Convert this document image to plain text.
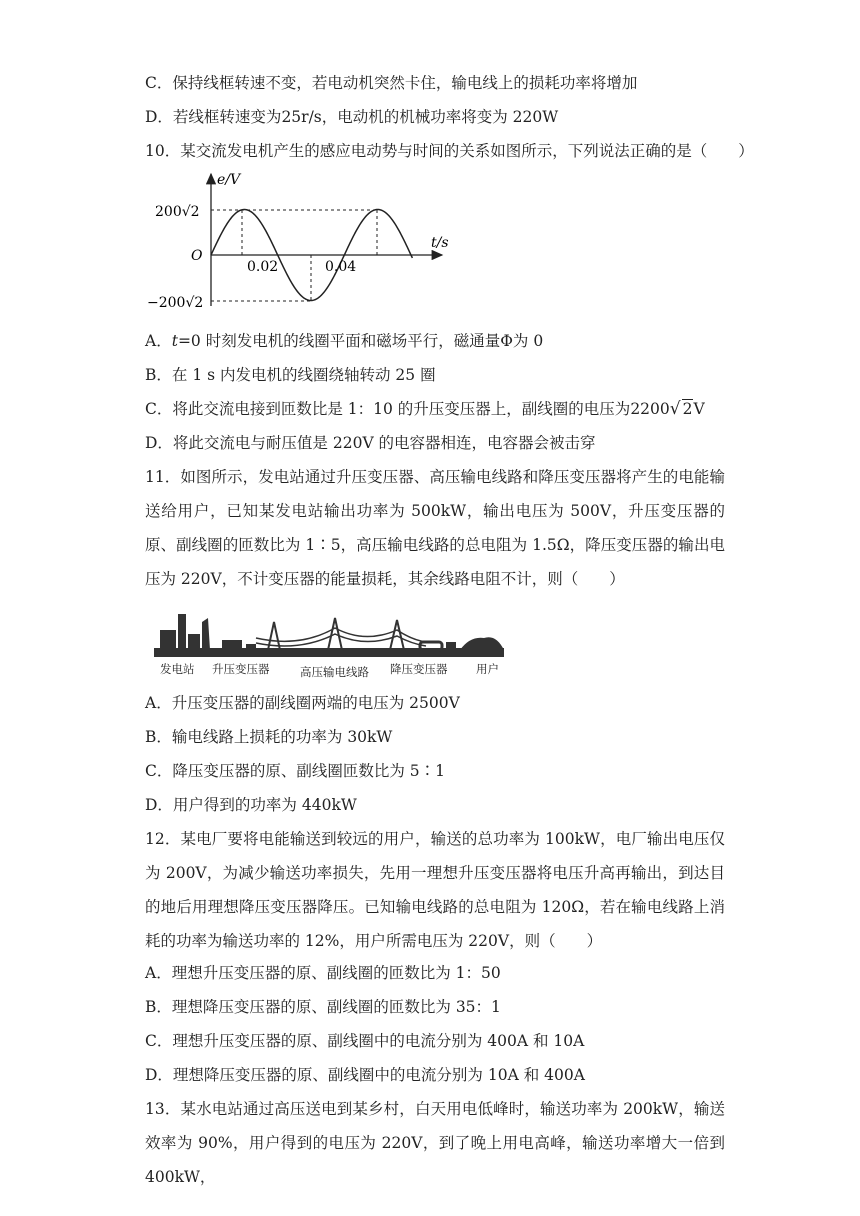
C．保持线框转速不变，若电动机突然卡住，输电线上的损耗功率将增加
D．若线框转速变为25r/s，电动机的机械功率将变为 220W
10．某交流发电机产生的感应电动势与时间的关系如图所示，下列说法正确的是（　　）
e/V
t/s
O
200√2
−200√2
0.02	0.04
A．t=0 时刻发电机的线圈平面和磁场平行，磁通量Φ为 0
B．在 1 s 内发电机的线圈绕轴转动 25 圈
C．将此交流电接到匝数比是 1：10 的升压变压器上，副线圈的电压为2200√ 2V
D．将此交流电与耐压值是 220V 的电容器相连，电容器会被击穿
11．如图所示，发电站通过升压变压器、高压输电线路和降压变压器将产生的电能输送给用户，已知某发电站输出功率为 500kW，输出电压为 500V，升压变压器的原、副线圈的匝数比为 1∶5，高压输电线路的总电阻为 1.5Ω，降压变压器的输出电压为 220V，不计变压器的能量损耗，其余线路电阻不计，则（　　）
发电站 升压变压器	高压输电线路 降压变压器 用户
A．升压变压器的副线圈两端的电压为 2500V
B．输电线路上损耗的功率为 30kW
C．降压变压器的原、副线圈匝数比为 5∶1
D．用户得到的功率为 440kW
12．某电厂要将电能输送到较远的用户，输送的总功率为 100kW，电厂输出电压仅为 200V，为减少输送功率损失，先用一理想升压变压器将电压升高再输出，到达目的地后用理想降压变压器降压。已知输电线路的总电阻为 120Ω，若在输电线路上消耗的功率为输送功率的 12%，用户所需电压为 220V，则（　　）
A．理想升压变压器的原、副线圈的匝数比为 1：50
B．理想降压变压器的原、副线圈的匝数比为 35：1
C．理想升压变压器的原、副线圈中的电流分别为 400A 和 10A
D．理想降压变压器的原、副线圈中的电流分别为 10A 和 400A
13．某水电站通过高压送电到某乡村，白天用电低峰时，输送功率为 200kW，输送效率为 90%，用户得到的电压为 220V，到了晚上用电高峰，输送功率增大一倍到 400kW，
